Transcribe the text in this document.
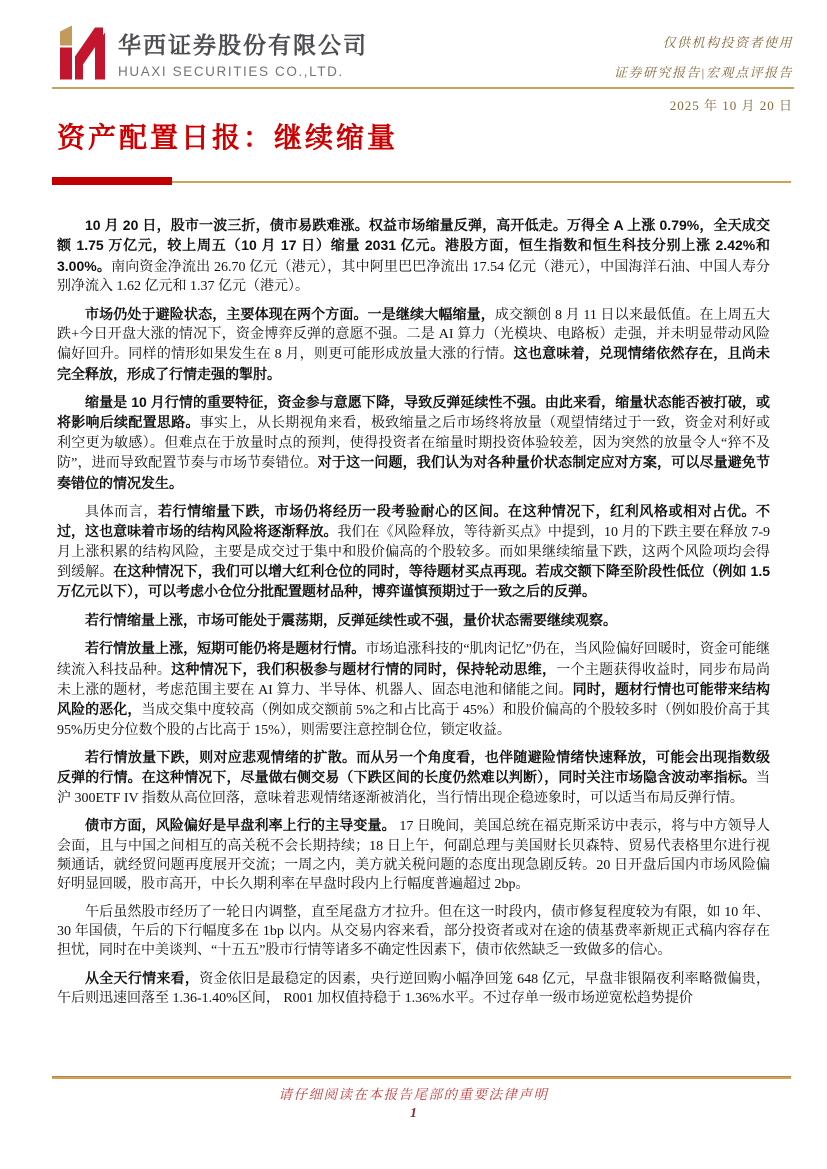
华西证券股份有限公司
HUAXI SECURITIES CO.,LTD.
仅供机构投资者使用
证券研究报告|宏观点评报告
2025 年 10 月 20 日
资产配置日报：继续缩量

10 月 20 日，股市一波三折，债市易跌难涨。权益市场缩量反弹，高开低走。万得全 A 上涨 0.79%，全天成交额 1.75 万亿元，较上周五（10 月 17 日）缩量 2031 亿元。港股方面，恒生指数和恒生科技分别上涨 2.42%和 3.00%。南向资金净流出 26.70 亿元（港元），其中阿里巴巴净流出 17.54 亿元（港元），中国海洋石油、中国人寿分别净流入 1.62 亿元和 1.37 亿元（港元）。

市场仍处于避险状态，主要体现在两个方面。一是继续大幅缩量，成交额创 8 月 11 日以来最低值。在上周五大跌+今日开盘大涨的情况下，资金博弈反弹的意愿不强。二是 AI 算力（光模块、电路板）走强，并未明显带动风险偏好回升。同样的情形如果发生在 8 月，则更可能形成放量大涨的行情。这也意味着，兑现情绪依然存在，且尚未完全释放，形成了行情走强的掣肘。

缩量是 10 月行情的重要特征，资金参与意愿下降，导致反弹延续性不强。由此来看，缩量状态能否被打破，或将影响后续配置思路。事实上，从长期视角来看，极致缩量之后市场终将放量（观望情绪过于一致，资金对利好或利空更为敏感）。但难点在于放量时点的预判，使得投资者在缩量时期投资体验较差，因为突然的放量令人“猝不及防”，进而导致配置节奏与市场节奏错位。对于这一问题，我们认为对各种量价状态制定应对方案，可以尽量避免节奏错位的情况发生。

具体而言，若行情缩量下跌，市场仍将经历一段考验耐心的区间。在这种情况下，红利风格或相对占优。不过，这也意味着市场的结构风险将逐渐释放。我们在《风险释放，等待新买点》中提到，10 月的下跌主要在释放 7-9 月上涨积累的结构风险，主要是成交过于集中和股价偏高的个股较多。而如果继续缩量下跌，这两个风险项均会得到缓解。在这种情况下，我们可以增大红利仓位的同时，等待题材买点再现。若成交额下降至阶段性低位（例如 1.5 万亿元以下），可以考虑小仓位分批配置题材品种，博弈谨慎预期过于一致之后的反弹。

若行情缩量上涨，市场可能处于震荡期，反弹延续性或不强，量价状态需要继续观察。

若行情放量上涨，短期可能仍将是题材行情。市场追涨科技的“肌肉记忆”仍在，当风险偏好回暖时，资金可能继续流入科技品种。这种情况下，我们积极参与题材行情的同时，保持轮动思维，一个主题获得收益时，同步布局尚未上涨的题材，考虑范围主要在 AI 算力、半导体、机器人、固态电池和储能之间。同时，题材行情也可能带来结构风险的恶化，当成交集中度较高（例如成交额前 5%之和占比高于 45%）和股价偏高的个股较多时（例如股价高于其 95%历史分位数个股的占比高于 15%），则需要注意控制仓位，锁定收益。

若行情放量下跌，则对应悲观情绪的扩散。而从另一个角度看，也伴随避险情绪快速释放，可能会出现指数级反弹的行情。在这种情况下，尽量做右侧交易（下跌区间的长度仍然难以判断），同时关注市场隐含波动率指标。当沪 300ETF IV 指数从高位回落，意味着悲观情绪逐渐被消化，当行情出现企稳迹象时，可以适当布局反弹行情。

债市方面，风险偏好是早盘利率上行的主导变量。 17 日晚间，美国总统在福克斯采访中表示，将与中方领导人会面，且与中国之间相互的高关税不会长期持续；18 日上午，何副总理与美国财长贝森特、贸易代表格里尔进行视频通话，就经贸问题再度展开交流；一周之内，美方就关税问题的态度出现急剧反转。20 日开盘后国内市场风险偏好明显回暖，股市高开，中长久期利率在早盘时段内上行幅度普遍超过 2bp。

午后虽然股市经历了一轮日内调整，直至尾盘方才拉升。但在这一时段内，债市修复程度较为有限，如 10 年、30 年国债，午后的下行幅度多在 1bp 以内。从交易内容来看，部分投资者或对在途的债基费率新规正式稿内容存在担忧，同时在中美谈判、“十五五”股市行情等诸多不确定性因素下，债市依然缺乏一致做多的信心。

从全天行情来看，资金依旧是最稳定的因素，央行逆回购小幅净回笼 648 亿元，早盘非银隔夜利率略微偏贵，午后则迅速回落至 1.36-1.40%区间， R001 加权值持稳于 1.36%水平。不过存单一级市场逆宽松趋势提价

请仔细阅读在本报告尾部的重要法律声明
1
